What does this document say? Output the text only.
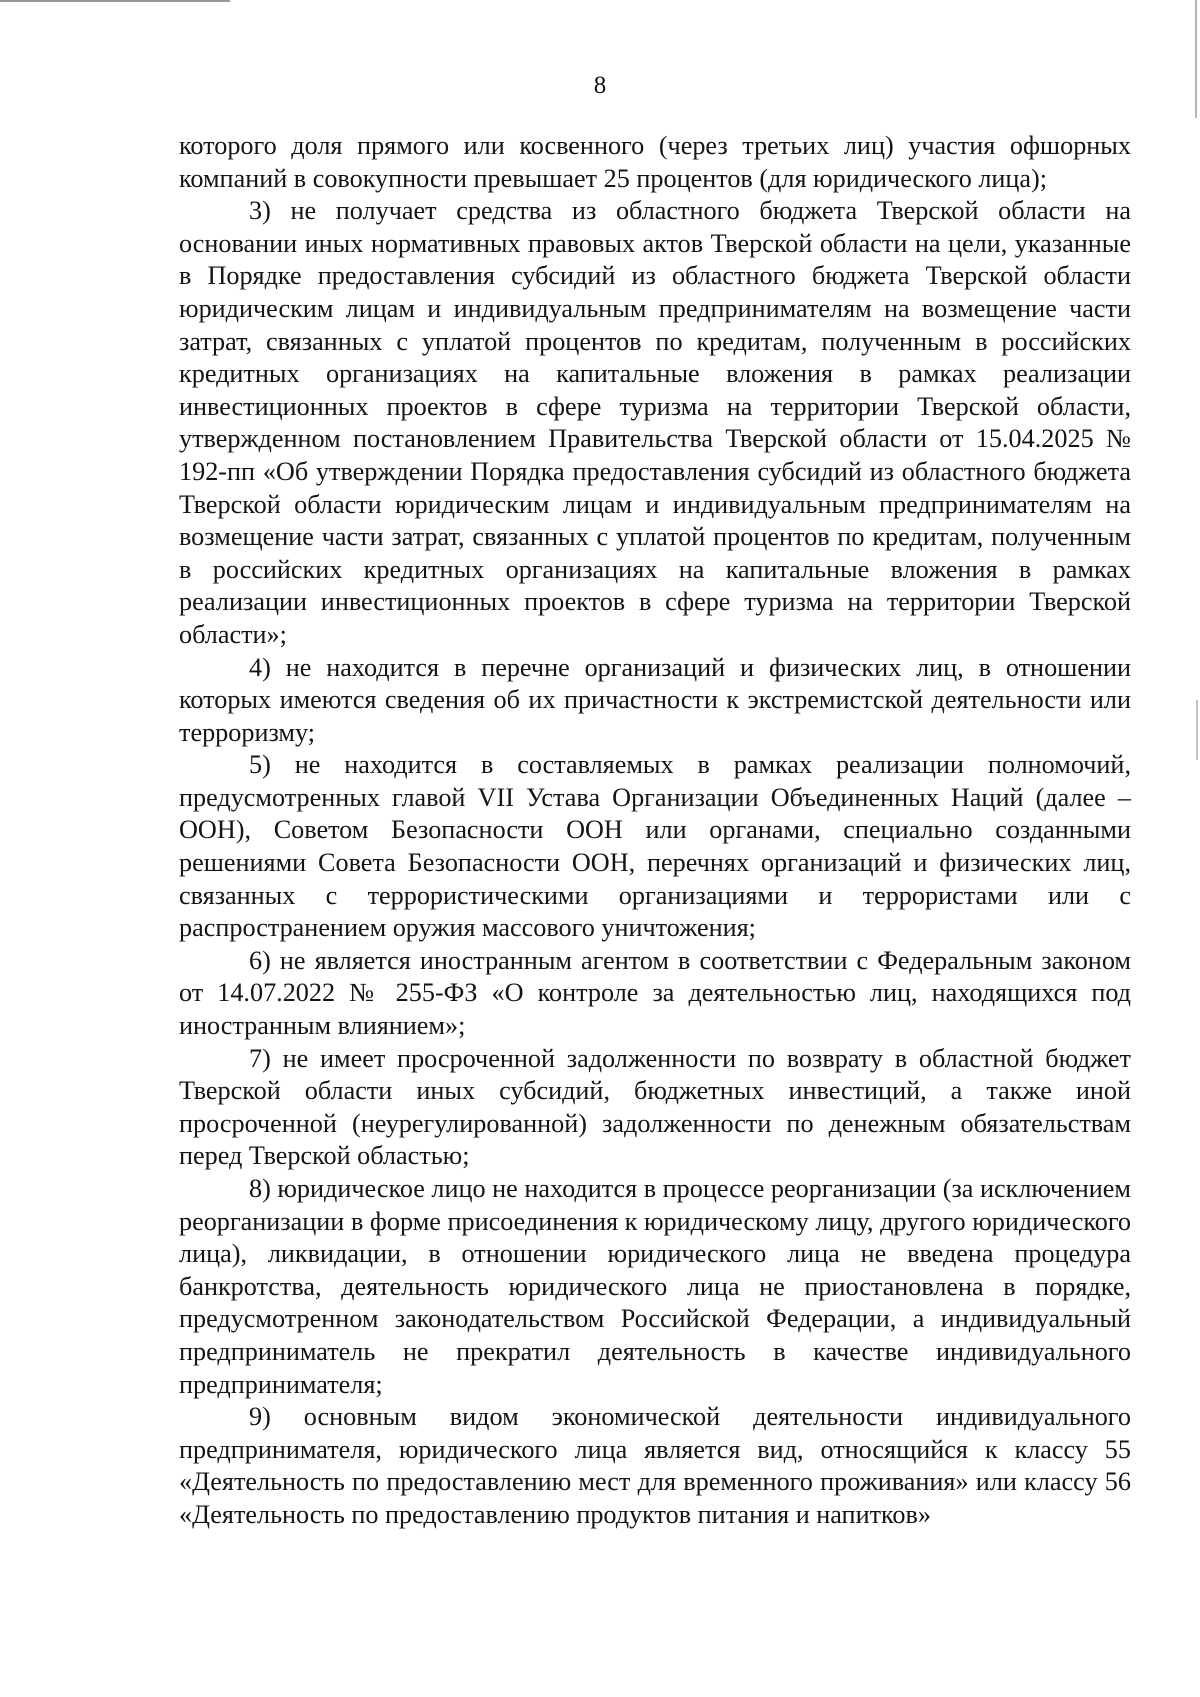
8

которого доля прямого или косвенного (через третьих лиц) участия офшорных компаний в совокупности превышает 25 процентов (для юридического лица);

3) не получает средства из областного бюджета Тверской области на основании иных нормативных правовых актов Тверской области на цели, указанные в Порядке предоставления субсидий из областного бюджета Тверской области юридическим лицам и индивидуальным предпринимателям на возмещение части затрат, связанных с уплатой процентов по кредитам, полученным в российских кредитных организациях на капитальные вложения в рамках реализации инвестиционных проектов в сфере туризма на территории Тверской области, утвержденном постановлением Правительства Тверской области от 15.04.2025 № 192-пп «Об утверждении Порядка предоставления субсидий из областного бюджета Тверской области юридическим лицам и индивидуальным предпринимателям на возмещение части затрат, связанных с уплатой процентов по кредитам, полученным в российских кредитных организациях на капитальные вложения в рамках реализации инвестиционных проектов в сфере туризма на территории Тверской области»;

4) не находится в перечне организаций и физических лиц, в отношении которых имеются сведения об их причастности к экстремистской деятельности или терроризму;

5) не находится в составляемых в рамках реализации полномочий, предусмотренных главой VII Устава Организации Объединенных Наций (далее – ООН), Советом Безопасности ООН или органами, специально созданными решениями Совета Безопасности ООН, перечнях организаций и физических лиц, связанных с террористическими организациями и террористами или с распространением оружия массового уничтожения;

6) не является иностранным агентом в соответствии с Федеральным законом от 14.07.2022 № 255-ФЗ «О контроле за деятельностью лиц, находящихся под иностранным влиянием»;

7) не имеет просроченной задолженности по возврату в областной бюджет Тверской области иных субсидий, бюджетных инвестиций, а также иной просроченной (неурегулированной) задолженности по денежным обязательствам перед Тверской областью;

8) юридическое лицо не находится в процессе реорганизации (за исключением реорганизации в форме присоединения к юридическому лицу, другого юридического лица), ликвидации, в отношении юридического лица не введена процедура банкротства, деятельность юридического лица не приостановлена в порядке, предусмотренном законодательством Российской Федерации, а индивидуальный предприниматель не прекратил деятельность в качестве индивидуального предпринимателя;

9) основным видом экономической деятельности индивидуального предпринимателя, юридического лица является вид, относящийся к классу 55 «Деятельность по предоставлению мест для временного проживания» или классу 56 «Деятельность по предоставлению продуктов питания и напитков»
